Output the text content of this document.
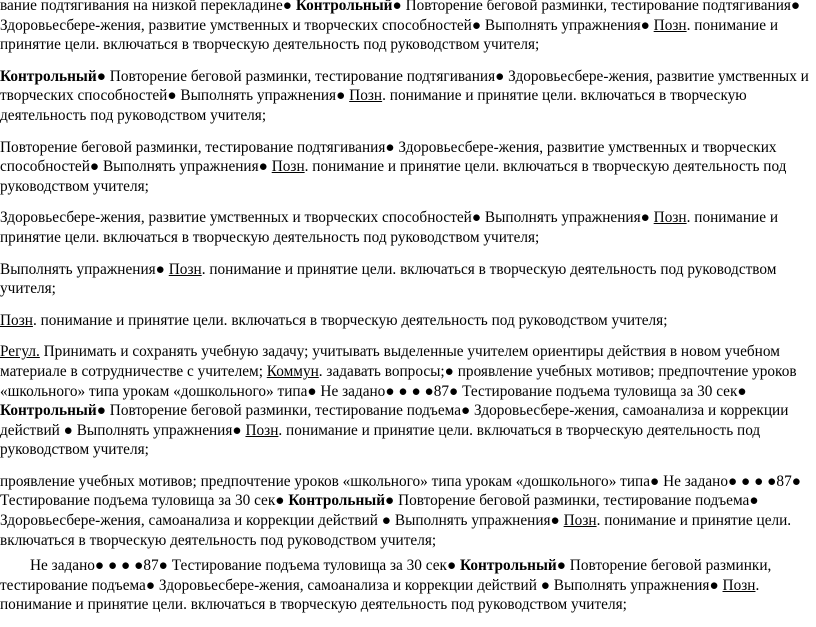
вание подтягивания на низкой перекладине● Контрольный● Повторение беговой разминки, тестирование подтягивания● Здоровьесбере-жения, развитие умственных и творческих способностей● Выполнять упражнения● Позн. понимание и принятие цели. включаться в творческую деятельность под руководством учителя;

Контрольный● Повторение беговой разминки, тестирование подтягивания● Здоровьесбере-жения, развитие умственных и творческих способностей● Выполнять упражнения● Позн. понимание и принятие цели. включаться в творческую деятельность под руководством учителя;

Повторение беговой разминки, тестирование подтягивания● Здоровьесбере-жения, развитие умственных и творческих способностей● Выполнять упражнения● Позн. понимание и принятие цели. включаться в творческую деятельность под руководством учителя;

Здоровьесбере-жения, развитие умственных и творческих способностей● Выполнять упражнения● Позн. понимание и принятие цели. включаться в творческую деятельность под руководством учителя;

Выполнять упражнения● Позн. понимание и принятие цели. включаться в творческую деятельность под руководством учителя;

Позн. понимание и принятие цели. включаться в творческую деятельность под руководством учителя;

Регул. Принимать и сохранять учебную задачу; учитывать выделенные учителем ориентиры действия в новом учебном материале в сотрудничестве с учителем; Коммун. задавать вопросы;● проявление учебных мотивов; предпочтение уроков «школьного» типа урокам «дошкольного» типа● Не задано● ● ● ●87● Тестирование подъема туловища за 30 сек● Контрольный● Повторение беговой разминки, тестирование подъема● Здоровьесбере-жения, самоанализа и коррекции действий ● Выполнять упражнения● Позн. понимание и принятие цели. включаться в творческую деятельность под руководством учителя;

проявление учебных мотивов; предпочтение уроков «школьного» типа урокам «дошкольного» типа● Не задано● ● ● ●87● Тестирование подъема туловища за 30 сек● Контрольный● Повторение беговой разминки, тестирование подъема● Здоровьесбере-жения, самоанализа и коррекции действий ● Выполнять упражнения● Позн. понимание и принятие цели. включаться в творческую деятельность под руководством учителя;

Не задано● ● ● ●87● Тестирование подъема туловища за 30 сек● Контрольный● Повторение беговой разминки, тестирование подъема● Здоровьесбере-жения, самоанализа и коррекции действий ● Выполнять упражнения● Позн. понимание и принятие цели. включаться в творческую деятельность под руководством учителя;
